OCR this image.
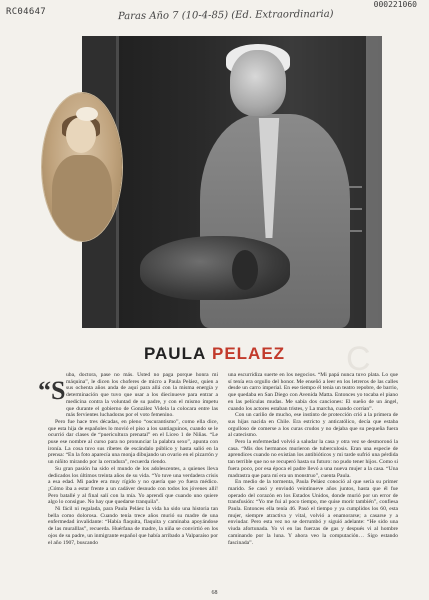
RC04647
000221060
Paras Año 7 (10-4-85) (Ed. Extraordinaria)
C
PAULA PELAEZ
“S

uba, doctora, pase no más. Usted no paga porque honra mi máquina”, le dicen los choferes de micro a Paula Peláez, quien a sus ochenta años anda de aquí para allá con la misma energía y determinación que tuvo que usar a los diecinueve para entrar a medicina contra la voluntad de su padre, y con el mismo ímpetu que durante el gobierno de González Videla la colocara entre las más fervientes luchadoras por el voto femenino.

Pero fue hace tres décadas, en pleno “oscurantismo”, como ella dice, que esta hija de españoles lo movió el piso a los santiaguinos, cuando se le ocurrió dar clases de “puericultura prenatal” en el Liceo 1 de Niñas. “Le puse ese nombre al curso para no pronunciar la palabra sexo”, apunta con ironía. La cosa tuvo sus ribetes de escándalo público y hasta salió en la prensa: “En la foto aparecía una monja dibujando un ovario en el pizarrón y un niñito mirando por la cerradura”, recuerda riendo.

Su gran pasión ha sido el mundo de los adolescentes, a quienes lleva dedicados los últimos treinta años de su vida. “Yo tuve una verdadera crisis a esa edad. Mi padre era muy rígido y no quería que yo fuera médico. ¡Cómo iba a estar frente a un cadáver desnudo con todos los jóvenes allí! Pero batallé y al final salí con la mía. Yo aprendí que cuando uno quiere algo lo consigue. No hay que quedarse tranquila”.

Ni fácil ni regalada, para Paula Peláez la vida ha sido una historia tan bella como dolorosa. Cuando tenía trece años murió su madre de una enfermedad invalidante: “Había flaquita, flaquita y caminaba apoyándose de las muralllas”, recuerda. Huérfana de madre, la niña se convirtió en los ojos de su padre, un inmigrante español que había arribado a Valparaíso por el año 1907, buscando

una escurridiza suerte en los negocios. “Mi papá nunca tuvo plata. Lo que sí tenía era orgullo del honor. Me enseñó a leer en los letreros de las calles desde un carro imperial. En ese tiempo él tenía un teatro repobre, de barrio, que quedaba en San Diego con Avenida Matta. Entonces yo tocaba el piano en las películas mudas. Me sabía dos canciones: El sueño de un ángel, cuando los actores estaban tristes, y La marcha, cuando corrían”.

Con un cariño de mucho, ese instinto de protección crió a la primera de sus hijas nacida en Chile. Era estricto y anticatólico, decía que estaba orgulloso de comerse a los curas crudos y no dejaba que su pequeña fuera al catecismo.

Pero la enfermedad volvió a saludar la casa y otra vez se desmoronó la casa. “Mis dos hermanos murieron de tuberculosis. Eran una especie de aprendices cuando no existían los antibióticos y mi tarde sufrió una pérdida tan terrible que no se recuperó hasta su futuro: no pudo tener hijos. Como si fuera poco, por esa época el padre llevó a una nueva mujer a la casa. “Una madrastra que para mí era un monstruo”, cuenta Paula.

En medio de la tormenta, Paula Peláez conoció al que sería su primer marido. Se casó y enviudó veintinueve años juntos, hasta que él fue operado del corazón en los Estados Unidos, donde murió por un error de transfusión: “Yo me fui al poco tiempo, me quise morir también”, confiesa Paula. Entonces ella tenía 46. Pasó el tiempo y ya cumplidos los 60, esta mujer, siempre atractiva y vital, volvió a enamorarse; a casarse y a enviudar. Pero esta vez no se derrumbó y siguió adelante: “He sido una viuda afortunada. Yo vi en las fuerzas de gas y después vi al hombre caminando por la luna. Y ahora veo la computación… Sigo estando fascinada”.

68
